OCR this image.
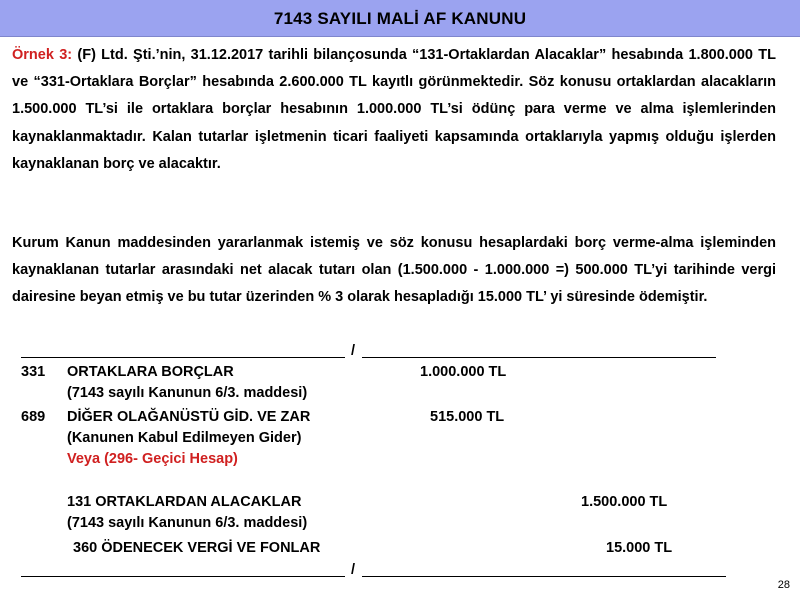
7143 SAYILI MALİ AF KANUNU

Örnek 3: (F) Ltd. Şti.’nin, 31.12.2017 tarihli bilançosunda “131-Ortaklardan Alacaklar” hesabında 1.800.000 TL ve “331-Ortaklara Borçlar” hesabında 2.600.000 TL kayıtlı görünmektedir. Söz konusu ortaklardan alacakların 1.500.000 TL’si ile ortaklara borçlar hesabının 1.000.000 TL’si ödünç para verme ve alma işlemlerinden kaynaklanmaktadır. Kalan tutarlar işletmenin ticari faaliyeti kapsamında ortaklarıyla yapmış olduğu işlerden kaynaklanan borç ve alacaktır.

Kurum Kanun maddesinden yararlanmak istemiş ve söz konusu hesaplardaki borç verme-alma işleminden kaynaklanan tutarlar arasındaki net alacak tutarı olan (1.500.000 - 1.000.000 =) 500.000 TL’yi tarihinde vergi dairesine beyan etmiş ve bu tutar üzerinden % 3 olarak hesapladığı 15.000 TL’ yi süresinde ödemiştir.

/
331 ORTAKLARA BORÇLAR	1.000.000 TL
(7143 sayılı Kanunun 6/3. maddesi)
689 DİĞER OLAĞANÜSTÜ GİD. VE ZAR	515.000 TL
(Kanunen Kabul Edilmeyen Gider)
Veya (296- Geçici Hesap)
131 ORTAKLARDAN ALACAKLAR	1.500.000 TL
(7143 sayılı Kanunun 6/3. maddesi)
360 ÖDENECEK VERGİ VE FONLAR	15.000 TL
/
28
